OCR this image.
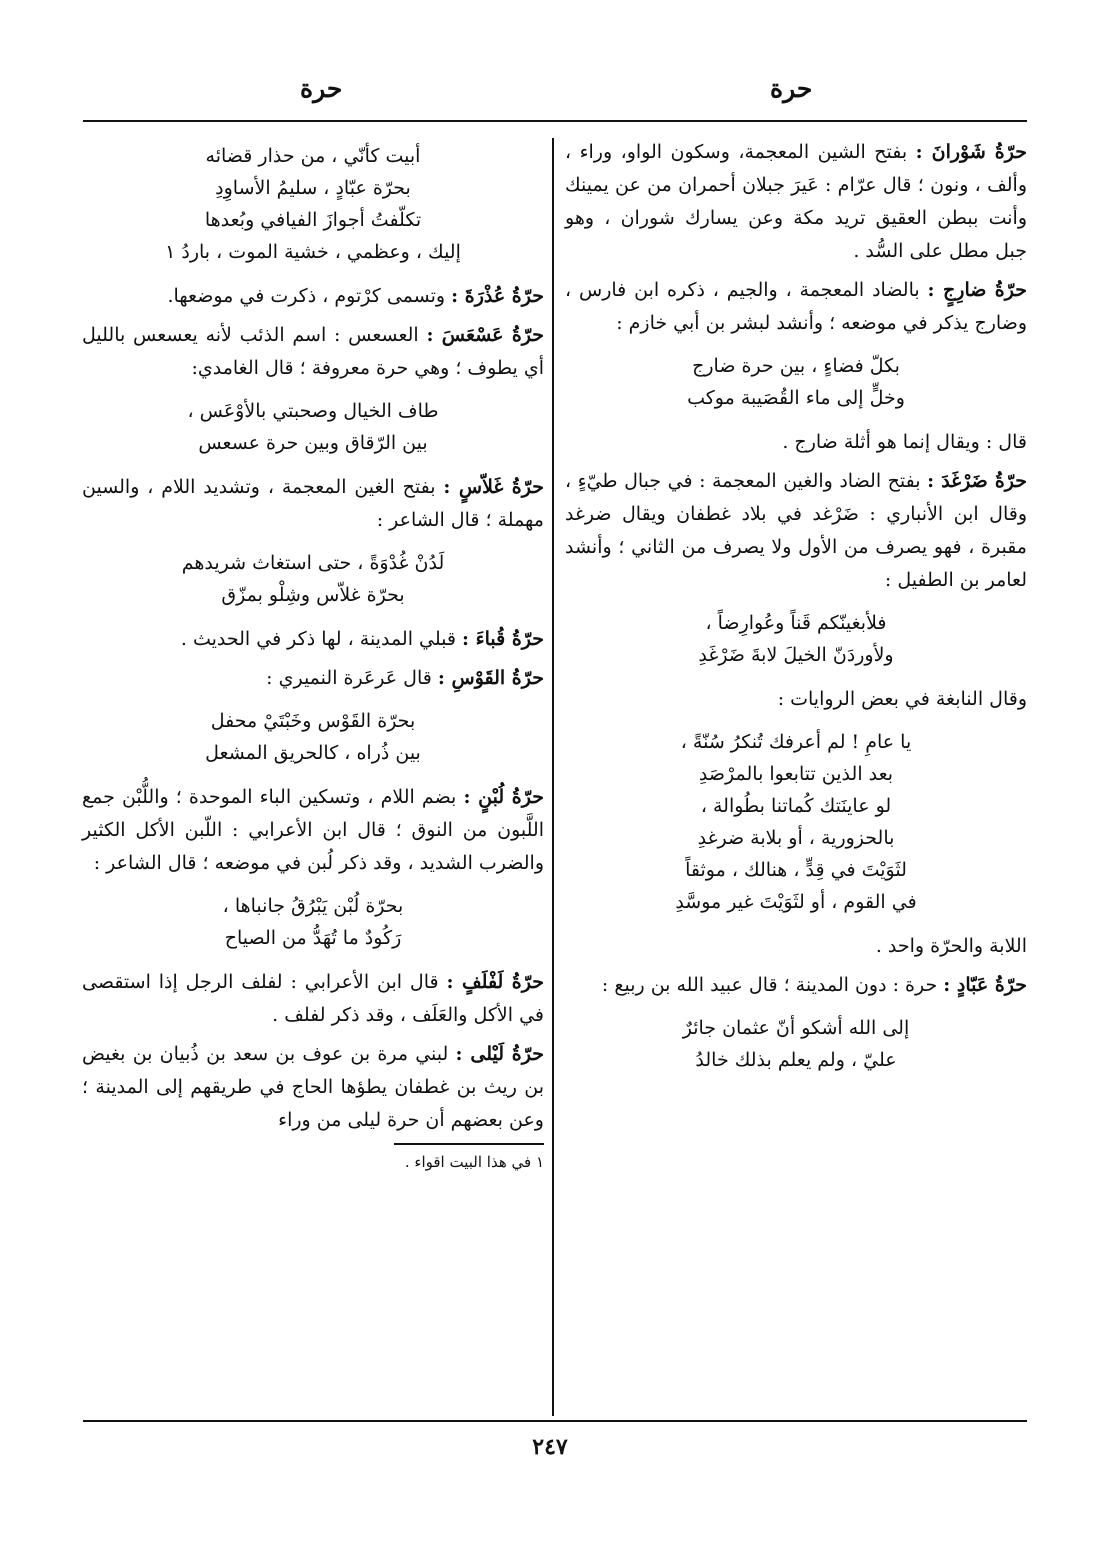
حرة
حرة
حرّةُ شَوْرانَ : بفتح الشين المعجمة، وسكون الواو، وراء ، وألف ، ونون ؛ قال عرّام : عَيرَ جبلان أحمران من عن يمينك وأنت ببطن العقيق تريد مكة وعن يسارك شوران ، وهو جبل مطل على السُّد .
حرّةُ ضارِجٍ : بالضاد المعجمة ، والجيم ، ذكره ابن فارس ، وضارج يذكر في موضعه ؛ وأنشد لبشر بن أبي خازم :
بكلّ فضاءٍ ، بين حرة ضارج
وخلٍّ إلى ماء القُصَيبة موكب
قال : ويقال إنما هو أثلة ضارج .
حرّةُ ضَرْغَدَ : بفتح الضاد والغين المعجمة : في جبال طيّءٍ ، وقال ابن الأنباري : ضَرْغد في بلاد غطفان ويقال ضرغد مقبرة ، فهو يصرف من الأول ولا يصرف من الثاني ؛ وأنشد لعامر بن الطفيل :
فلأبغينّكم قَناً وعُوارِضاً ،
ولأوردَنّ الخيلَ لابةَ ضَرْغَدِ
وقال النابغة في بعض الروايات :
يا عامِ ! لم أعرفك تُنكرُ سُنّةً ،
بعد الذين تتابعوا بالمرْصَدِ
لو عاينَتك كُماتنا بطُوالة ،
بالحزورية ، أو بلابة ضرغدِ
لثَوَيْتَ في قِدٍّ ، هنالك ، موثقاً
في القوم ، أو لثَوَيْتَ غير موسَّدِ
اللابة والحرّة واحد .
حرّةُ عَبّادٍ : حرة : دون المدينة ؛ قال عبيد الله بن ربيع :
إلى الله أشكو أنّ عثمان جائرٌ
عليّ ، ولم يعلم بذلك خالدُ
أبيت كأنّي ، من حذار قضائه
بحرّة عبّادٍ ، سليمُ الأساوِدِ
تكلّفتُ أجوازَ الفيافي وبُعدها
إليك ، وعظمي ، خشية الموت ، باردُ ١
حرّةُ عُذْرَةَ : وتسمى كرْتوم ، ذكرت في موضعها.
حرّةُ عَسْعَسَ : العسعس : اسم الذئب لأنه يعسعس بالليل أي يطوف ؛ وهي حرة معروفة ؛ قال الغامدي:
طاف الخيال وصحبتي بالأوْعَس ،
بين الرّقاق وبين حرة عسعس
حرّةُ غَلاّسٍ : بفتح الغين المعجمة ، وتشديد اللام ، والسين مهملة ؛ قال الشاعر :
لَدُنْ غُدْوَةً ، حتى استغاث شريدهم
بحرّة غلاّس وشِلْو بمزّق
حرّةُ قُباءَ : قبلي المدينة ، لها ذكر في الحديث .
حرّةُ القَوْسِ : قال عَرعَرة النميري :
بحرّة القَوْس وخَبْتَيْ محفل
بين ذُراه ، كالحريق المشعل
حرّةُ لُبْنٍ : بضم اللام ، وتسكين الباء الموحدة ؛ واللُّبْن جمع اللَّبون من النوق ؛ قال ابن الأعرابي : اللّبن الأكل الكثير والضرب الشديد ، وقد ذكر لُبن في موضعه ؛ قال الشاعر :
بحرّة لُبْن يَبْرُقُ جانباها ،
رَكُودٌ ما تُهَدُّ من الصياح
حرّةُ لَفْلَفٍ : قال ابن الأعرابي : لفلف الرجل إذا استقصى في الأكل والعَلَف ، وقد ذكر لفلف .
حرّةُ لَيْلى : لبني مرة بن عوف بن سعد بن ذُبيان بن بغيض بن ريث بن غطفان يطؤها الحاج في طريقهم إلى المدينة ؛ وعن بعضهم أن حرة ليلى من وراء
١ في هذا البيت اقواء .
٢٤٧
